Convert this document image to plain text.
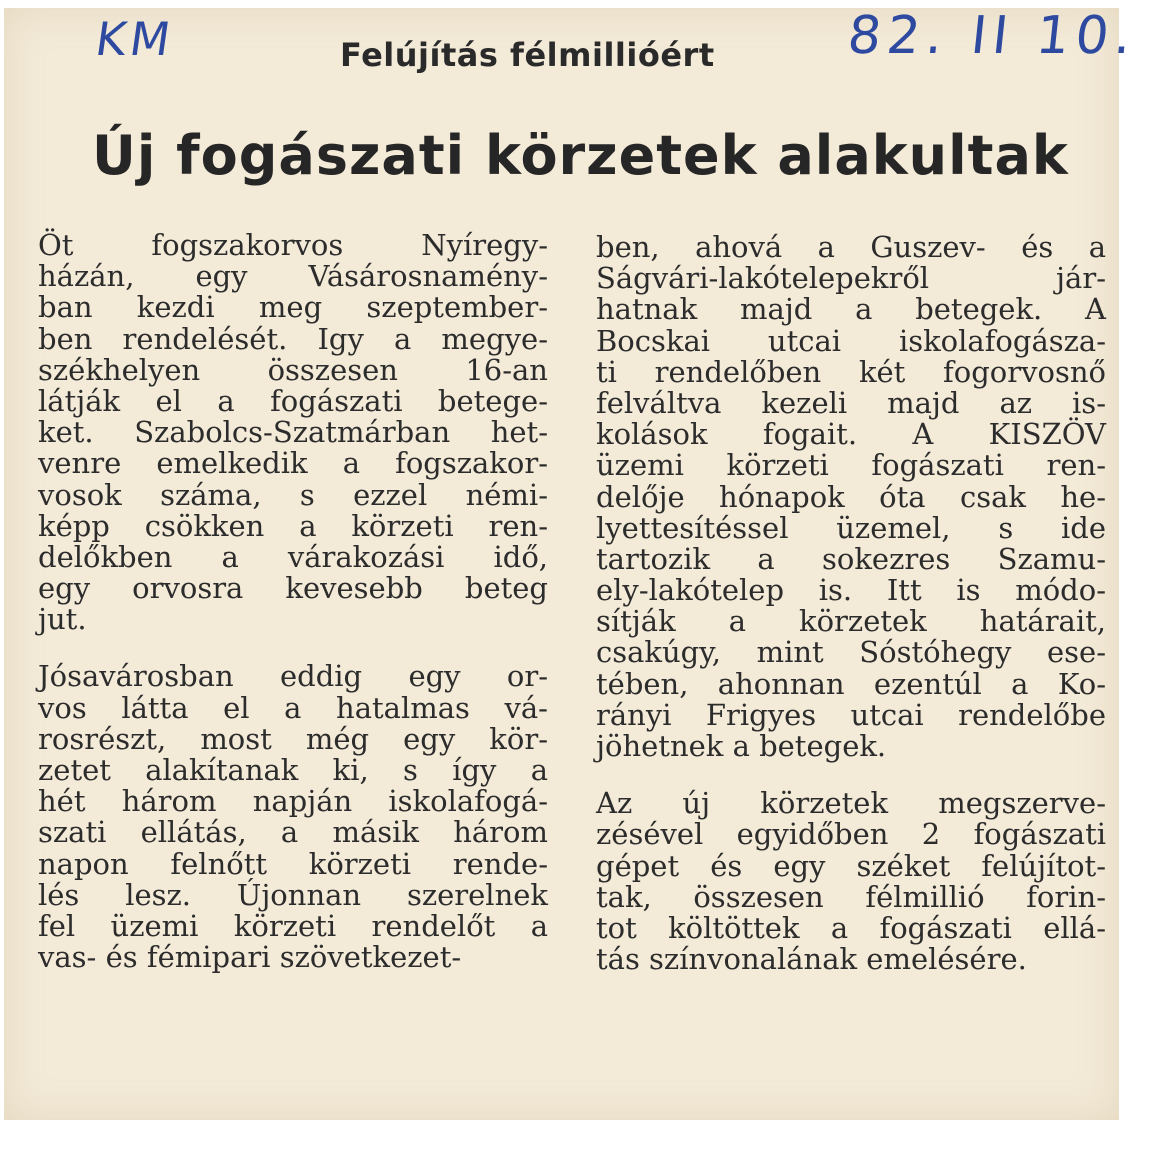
KM	82. II 10.
Felújítás félmillióért
Új fogászati körzetek alakultak
Öt fogszakorvos Nyíregy-
házán, egy Vásárosnamény-
ban kezdi meg szeptember-
ben rendelését. Igy a megye-
székhelyen összesen 16-an
látják el a fogászati betege-
ket. Szabolcs-Szatmárban het-
venre emelkedik a fogszakor-
vosok száma, s ezzel némi-
képp csökken a körzeti ren-
delőkben a várakozási idő,
egy orvosra kevesebb beteg
jut.
Jósavárosban eddig egy or-
vos látta el a hatalmas vá-
rosrészt, most még egy kör-
zetet alakítanak ki, s így a
hét három napján iskolafogá-
szati ellátás, a másik három
napon felnőtt körzeti rende-
lés lesz. Újonnan szerelnek
fel üzemi körzeti rendelőt a
vas- és fémipari szövetkezet-
ben, ahová a Guszev- és a
Ságvári-lakótelepekről jár-
hatnak majd a betegek. A
Bocskai utcai iskolafogásza-
ti rendelőben két fogorvosnő
felváltva kezeli majd az is-
kolások fogait. A KISZÖV
üzemi körzeti fogászati ren-
delője hónapok óta csak he-
lyettesítéssel üzemel, s ide
tartozik a sokezres Szamu-
ely-lakótelep is. Itt is módo-
sítják a körzetek határait,
csakúgy, mint Sóstóhegy ese-
tében, ahonnan ezentúl a Ko-
rányi Frigyes utcai rendelőbe
jöhetnek a betegek.
Az új körzetek megszerve-
zésével egyidőben 2 fogászati
gépet és egy széket felújítot-
tak, összesen félmillió forin-
tot költöttek a fogászati ellá-
tás színvonalának emelésére.
